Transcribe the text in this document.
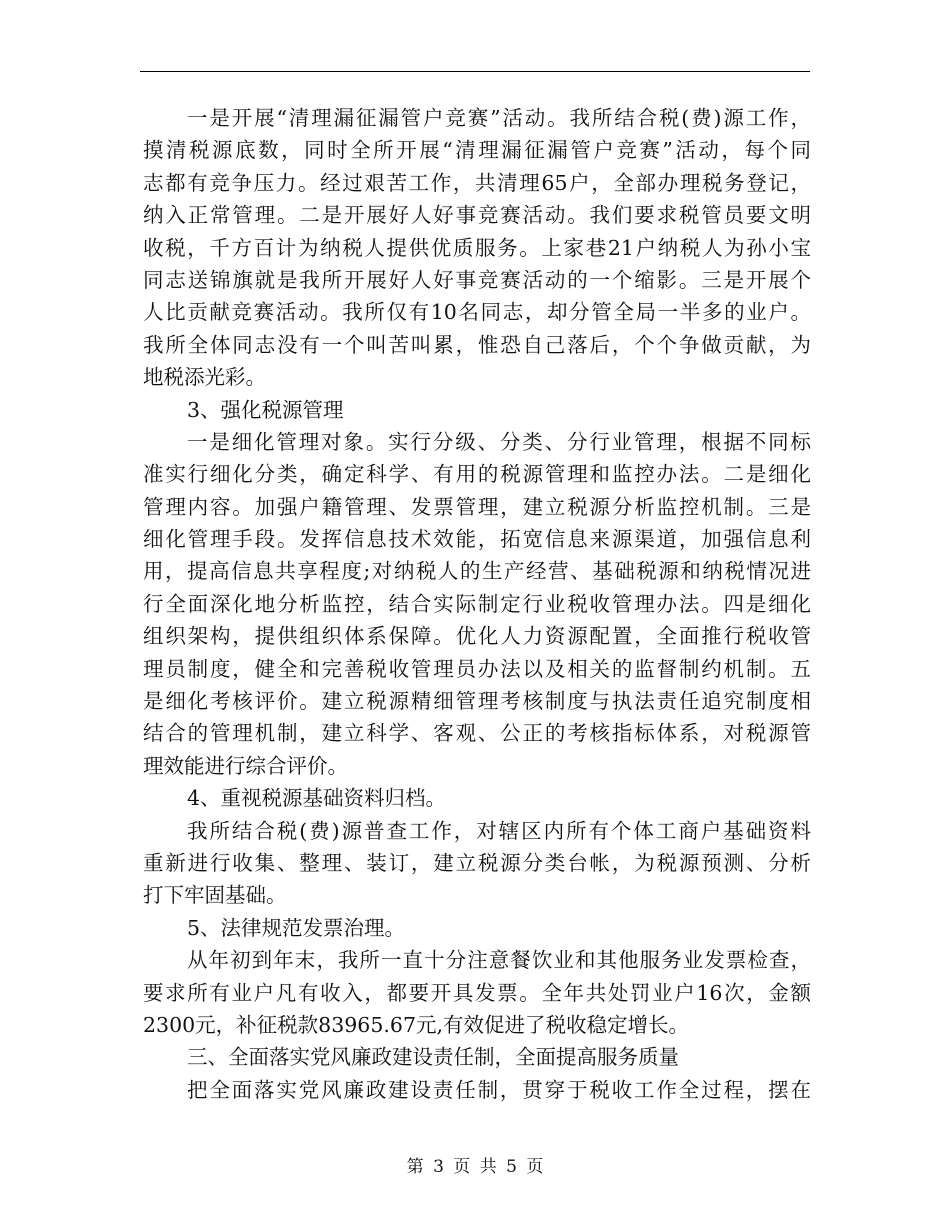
一是开展“清理漏征漏管户竞赛”活动。我所结合税(费)源工作，
摸清税源底数，同时全所开展“清理漏征漏管户竞赛”活动，每个同
志都有竞争压力。经过艰苦工作，共清理65户，全部办理税务登记，
纳入正常管理。二是开展好人好事竞赛活动。我们要求税管员要文明
收税，千方百计为纳税人提供优质服务。上家巷21户纳税人为孙小宝
同志送锦旗就是我所开展好人好事竞赛活动的一个缩影。三是开展个
人比贡献竞赛活动。我所仅有10名同志，却分管全局一半多的业户。
我所全体同志没有一个叫苦叫累，惟恐自己落后，个个争做贡献，为
地税添光彩。
3、强化税源管理
一是细化管理对象。实行分级、分类、分行业管理，根据不同标
准实行细化分类，确定科学、有用的税源管理和监控办法。二是细化
管理内容。加强户籍管理、发票管理，建立税源分析监控机制。三是
细化管理手段。发挥信息技术效能，拓宽信息来源渠道，加强信息利
用，提高信息共享程度;对纳税人的生产经营、基础税源和纳税情况进
行全面深化地分析监控，结合实际制定行业税收管理办法。四是细化
组织架构，提供组织体系保障。优化人力资源配置，全面推行税收管
理员制度，健全和完善税收管理员办法以及相关的监督制约机制。五
是细化考核评价。建立税源精细管理考核制度与执法责任追究制度相
结合的管理机制，建立科学、客观、公正的考核指标体系，对税源管
理效能进行综合评价。
4、重视税源基础资料归档。
我所结合税(费)源普查工作，对辖区内所有个体工商户基础资料
重新进行收集、整理、装订，建立税源分类台帐，为税源预测、分析
打下牢固基础。
5、法律规范发票治理。
从年初到年末，我所一直十分注意餐饮业和其他服务业发票检查，
要求所有业户凡有收入，都要开具发票。全年共处罚业户16次，金额
2300元，补征税款83965.67元,有效促进了税收稳定增长。
三、全面落实党风廉政建设责任制，全面提高服务质量
把全面落实党风廉政建设责任制，贯穿于税收工作全过程，摆在
第 3 页 共 5 页
